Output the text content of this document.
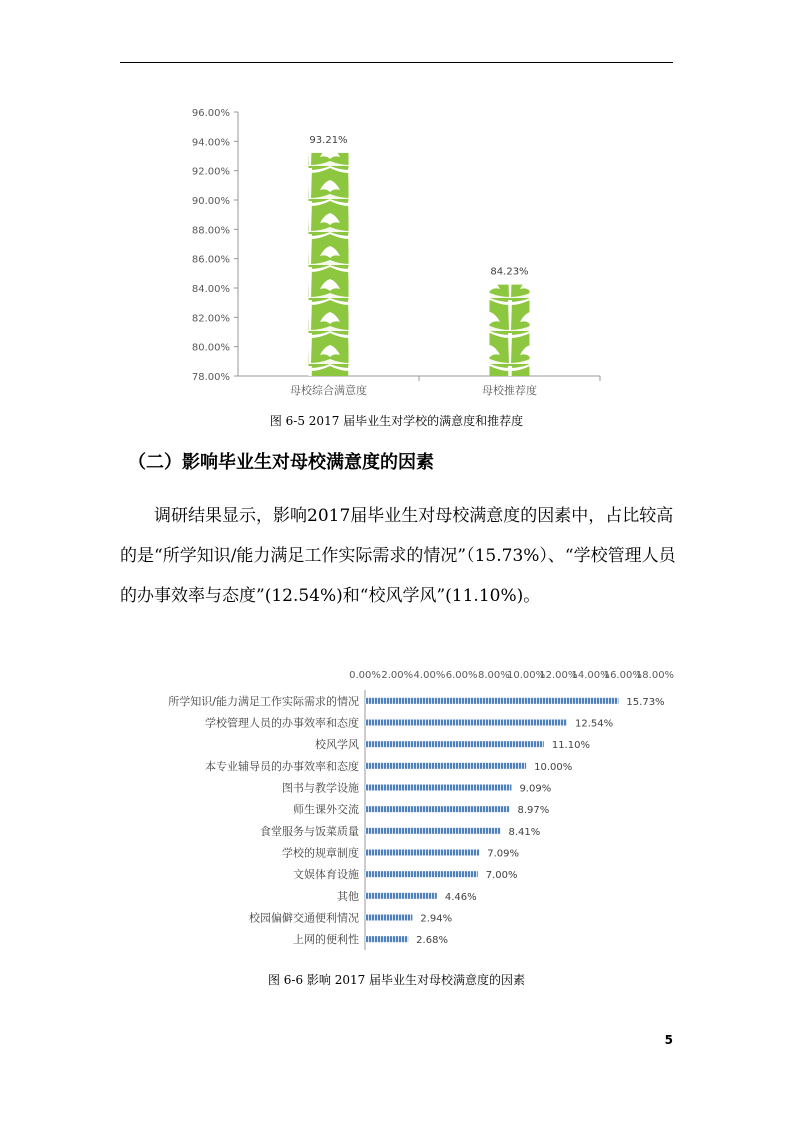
78.00%
80.00%
82.00%
84.00%
86.00%
88.00%
90.00%
92.00%
94.00%
96.00%
93.21%
母校综合满意度
84.23%
母校推荐度
图 6-5 2017 届毕业生对学校的满意度和推荐度
（二）影响毕业生对母校满意度的因素
调研结果显示，影响2017届毕业生对母校满意度的因素中，占比较高的是“所学知识/能力满足工作实际需求的情况”（15.73%）、“学校管理人员的办事效率与态度”(12.54%)和“校风学风”(11.10%)。
0.00% 2.00% 4.00% 6.00% 8.00%
10.00%
12.00%
14.00%
16.00%
18.00%
所学知识/能力满足工作实际需求的情况	15.73%
学校管理人员的办事效率和态度	12.54%
校风学风	11.10%
本专业辅导员的办事效率和态度	10.00%
图书与教学设施	9.09%
师生课外交流	8.97%
食堂服务与饭菜质量	8.41%
学校的规章制度	7.09%
文娱体育设施	7.00%
其他	4.46%
校园偏僻交通便利情况	2.94%
上网的便利性	2.68%
图 6-6 影响 2017 届毕业生对母校满意度的因素
5
